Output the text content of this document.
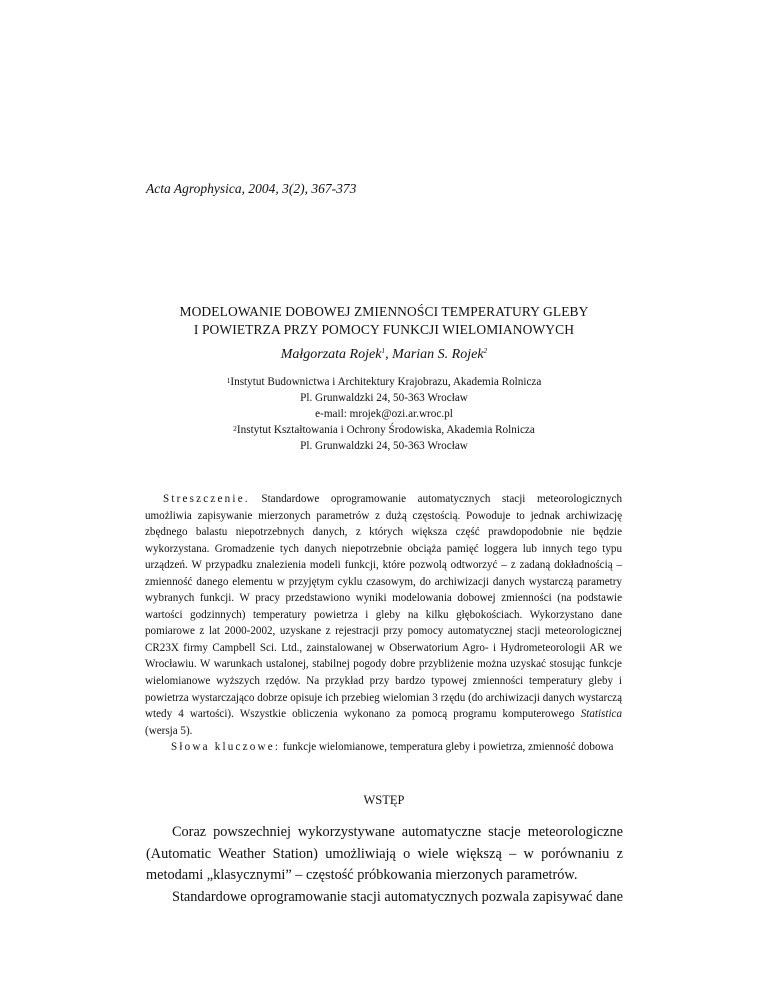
Acta Agrophysica, 2004, 3(2), 367-373
MODELOWANIE DOBOWEJ ZMIENNOŚCI TEMPERATURY GLEBY
I POWIETRZA PRZY POMOCY FUNKCJI WIELOMIANOWYCH
Małgorzata Rojek$^1$, Marian S. Rojek$^2$
$^1$Instytut Budownictwa i Architektury Krajobrazu, Akademia Rolnicza
Pl. Grunwaldzki 24, 50-363 Wrocław
e-mail: mrojek@ozi.ar.wroc.pl
$^2$Instytut Kształtowania i Ochrony Środowiska, Akademia Rolnicza
Pl. Grunwaldzki 24, 50-363 Wrocław
Streszczenie. Standardowe oprogramowanie automatycznych stacji meteorologicznych umożliwia zapisywanie mierzonych parametrów z dużą częstością. Powoduje to jednak archiwizację zbędnego balastu niepotrzebnych danych, z których większa część prawdopodobnie nie będzie wykorzystana. Gromadzenie tych danych niepotrzebnie obciąża pamięć loggera lub innych tego typu urządzeń. W przypadku znalezienia modeli funkcji, które pozwolą odtworzyć – z zadaną dokładnością – zmienność danego elementu w przyjętym cyklu czasowym, do archiwizacji danych wystarczą parametry wybranych funkcji. W pracy przedstawiono wyniki modelowania dobowej zmienności (na podstawie wartości godzinnych) temperatury powietrza i gleby na kilku głębokościach. Wykorzystano dane pomiarowe z lat 2000-2002, uzyskane z rejestracji przy pomocy automatycznej stacji meteorologicznej CR23X firmy Campbell Sci. Ltd., zainstalowanej w Obserwatorium Agro- i Hydrometeorologii AR we Wrocławiu. W warunkach ustalonej, stabilnej pogody dobre przybliżenie można uzyskać stosując funkcje wielomianowe wyższych rzędów. Na przykład przy bardzo typowej zmienności temperatury gleby i powietrza wystarczająco dobrze opisuje ich przebieg wielomian 3 rzędu (do archiwizacji danych wystarczą wtedy 4 wartości). Wszystkie obliczenia wykonano za pomocą programu komputerowego Statistica (wersja 5).
Słowa kluczowe: funkcje wielomianowe, temperatura gleby i powietrza, zmienność dobowa
WSTĘP
Coraz powszechniej wykorzystywane automatyczne stacje meteorologiczne (Automatic Weather Station) umożliwiają o wiele większą – w porównaniu z metodami „klasycznymi” – częstość próbkowania mierzonych parametrów.
Standardowe oprogramowanie stacji automatycznych pozwala zapisywać dane
